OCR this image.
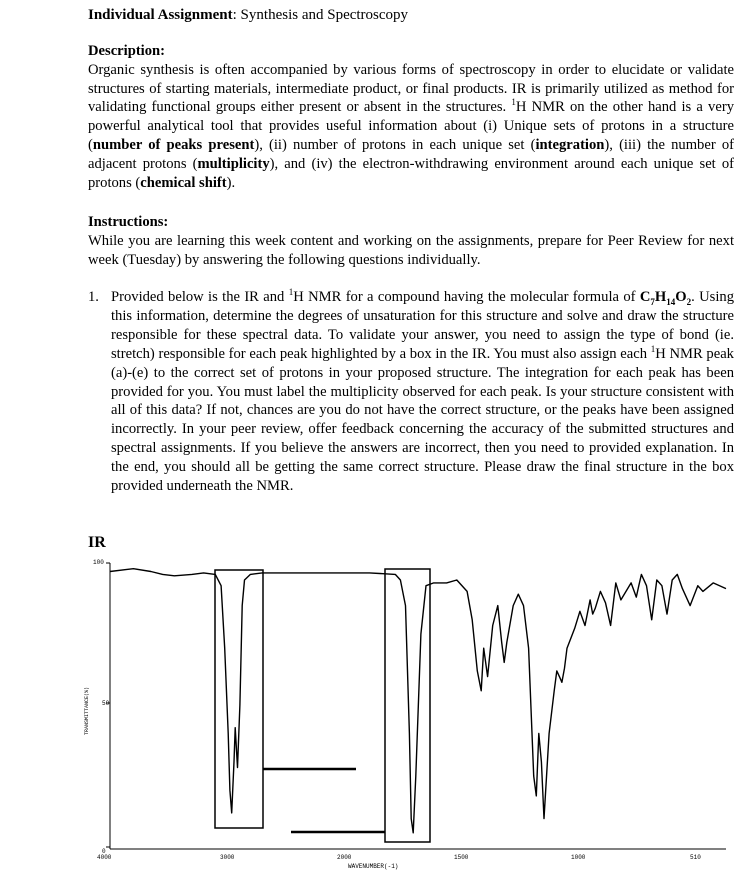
Individual Assignment: Synthesis and Spectroscopy
Description:
Organic synthesis is often accompanied by various forms of spectroscopy in order to elucidate or validate structures of starting materials, intermediate product, or final products. IR is primarily utilized as method for validating functional groups either present or absent in the structures. $^1$H NMR on the other hand is a very powerful analytical tool that provides useful information about (i) Unique sets of protons in a structure (number of peaks present), (ii) number of protons in each unique set (integration), (iii) the number of adjacent protons (multiplicity), and (iv) the electron-withdrawing environment around each unique set of protons (chemical shift).
Instructions:
While you are learning this week content and working on the assignments, prepare for Peer Review for next week (Tuesday) by answering the following questions individually.
1. Provided below is the IR and $^1$H NMR for a compound having the molecular formula of $C_7H_{14}O_2$. Using this information, determine the degrees of unsaturation for this structure and solve and draw the structure responsible for these spectral data. To validate your answer, you need to assign the type of bond (ie. stretch) responsible for each peak highlighted by a box in the IR. You must also assign each $^1$H NMR peak (a)-(e) to the correct set of protons in your proposed structure. The integration for each peak has been provided for you. You must label the multiplicity observed for each peak. Is your structure consistent with all of this data? If not, chances are you do not have the correct structure, or the peaks have been assigned incorrectly. In your peer review, offer feedback concerning the accuracy of the submitted structures and spectral assignments. If you believe the answers are incorrect, then you need to provided explanation. In the end, you should all be getting the same correct structure. Please draw the final structure in the box provided underneath the NMR.
IR
100
50
0
TRANSMITTANCE(%)
4000	3000	2000	1500	1000	510
WAVENUMBER(-1)
